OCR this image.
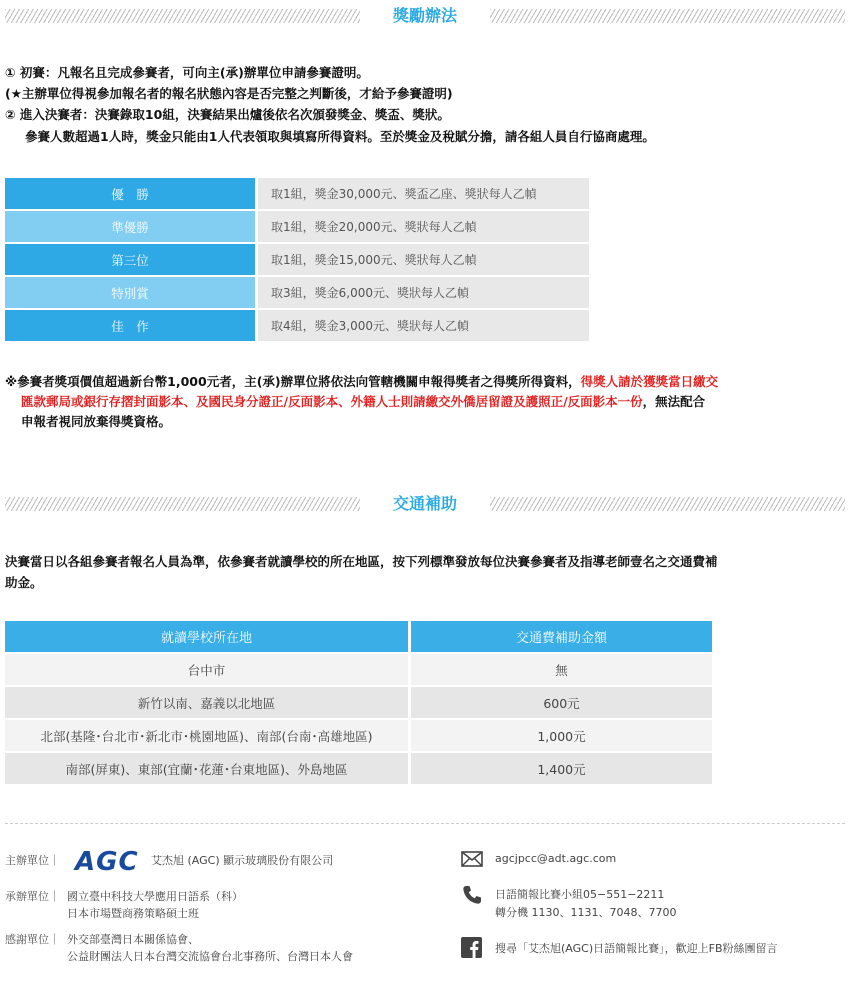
獎勵辦法
① 初賽：凡報名且完成參賽者，可向主(承)辦單位申請參賽證明。
(★主辦單位得視參加報名者的報名狀態內容是否完整之判斷後，才給予參賽證明)
② 進入決賽者：決賽錄取10組，決賽結果出爐後依名次頒發獎金、獎盃、獎狀。
參賽人數超過1人時，獎金只能由1人代表領取與填寫所得資料。至於獎金及稅賦分擔，請各組人員自行協商處理。
優　勝	取1組，獎金30,000元、獎盃乙座、獎狀每人乙幀
準優勝	取1組，獎金20,000元、獎狀每人乙幀
第三位	取1組，獎金15,000元、獎狀每人乙幀
特別賞	取3組，獎金6,000元、獎狀每人乙幀
佳　作	取4組，獎金3,000元、獎狀每人乙幀
※參賽者獎項價值超過新台幣1,000元者，主(承)辦單位將依法向管轄機關申報得獎者之得獎所得資料，得獎人請於獲獎當日繳交
匯款郵局或銀行存摺封面影本、及國民身分證正/反面影本、外籍人士則請繳交外僑居留證及護照正/反面影本一份，無法配合
申報者視同放棄得獎資格。
交通補助
決賽當日以各組參賽者報名人員為準，依參賽者就讀學校的所在地區，按下列標準發放每位決賽參賽者及指導老師壹名之交通費補
助金。
就讀學校所在地	交通費補助金額
台中市	無
新竹以南、嘉義以北地區	600元
北部(基隆･台北市･新北市･桃園地區)、南部(台南･高雄地區)	1,000元
南部(屏東)、東部(宜蘭･花蓮･台東地區)、外島地區	1,400元
主辦單位｜ AGC 艾杰旭 (AGC) 顯示玻璃股份有限公司
承辦單位｜ 國立臺中科技大學應用日語系（科）
日本市場暨商務策略碩士班
感謝單位｜ 外交部臺灣日本關係協會、
公益財團法人日本台灣交流協會台北事務所、台灣日本人會
agcjpcc@adt.agc.com
日語簡報比賽小組05−551−2211
轉分機 1130、1131、7048、7700
搜尋「艾杰旭(AGC)日語簡報比賽」，歡迎上FB粉絲團留言
